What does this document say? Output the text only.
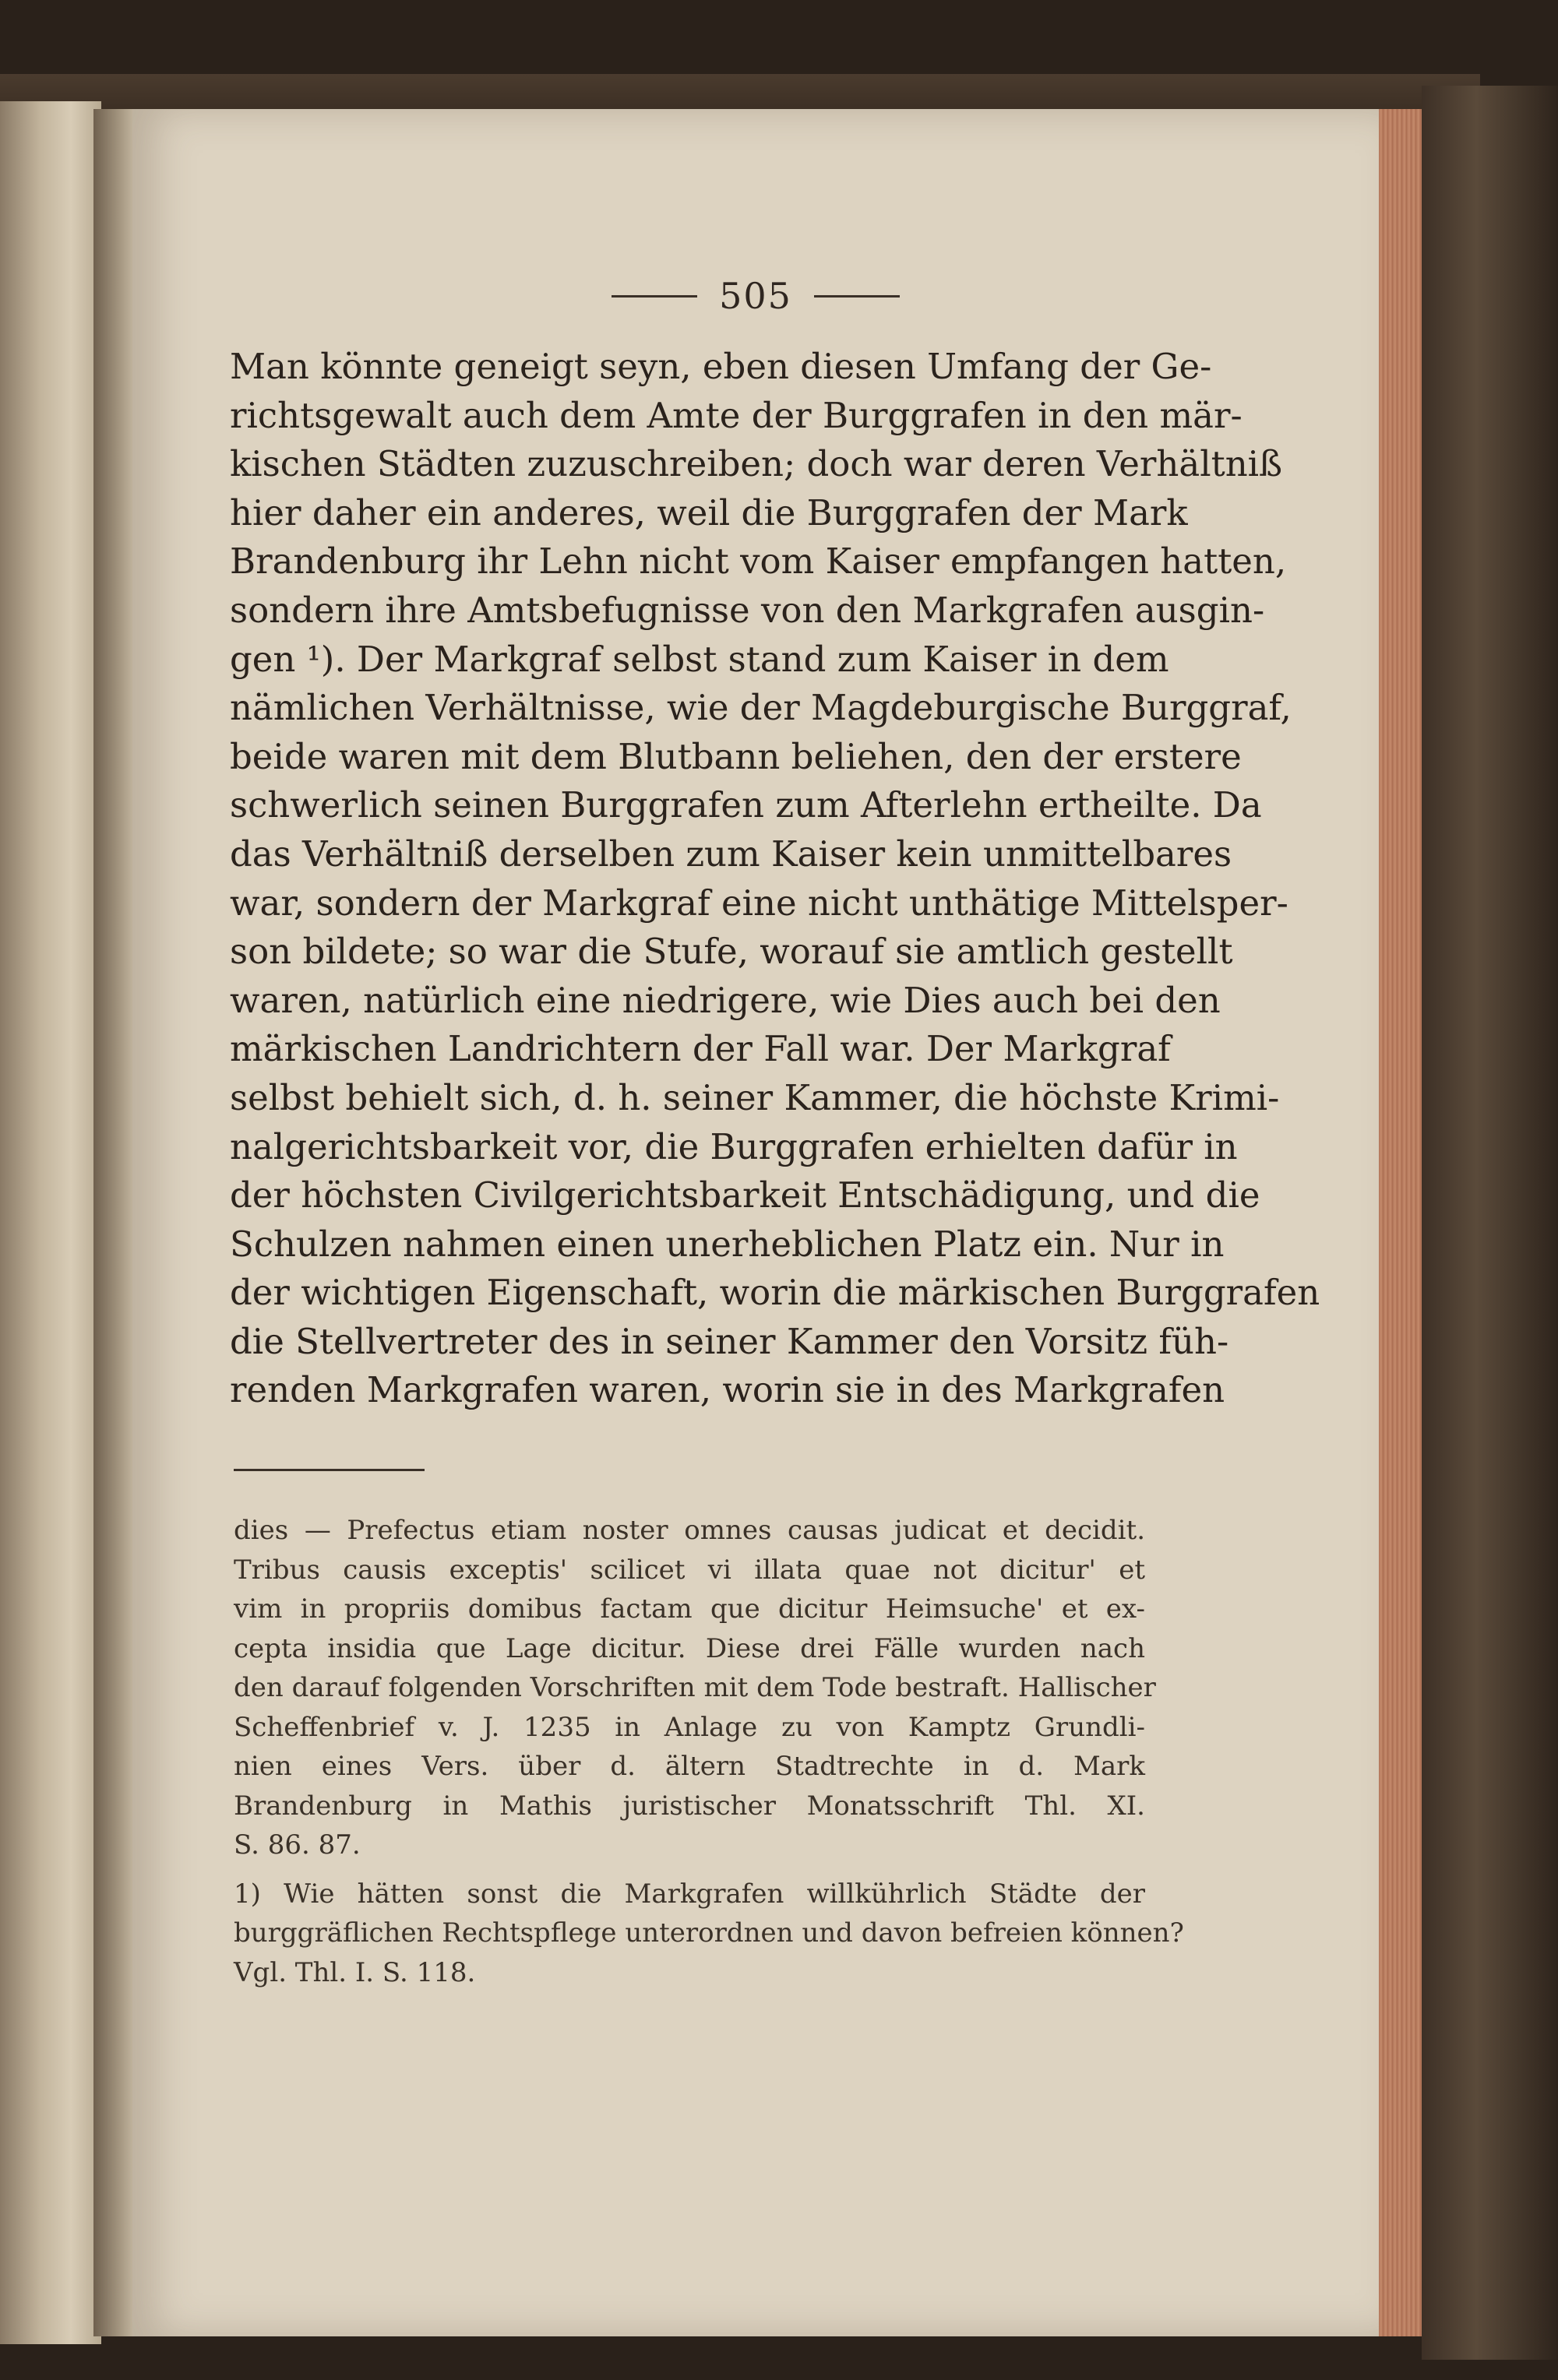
505
Man könnte geneigt seyn, eben diesen Umfang der Ge-
richtsgewalt auch dem Amte der Burggrafen in den mär-
kischen Städten zuzuschreiben; doch war deren Verhältniß
hier daher ein anderes, weil die Burggrafen der Mark
Brandenburg ihr Lehn nicht vom Kaiser empfangen hatten,
sondern ihre Amtsbefugnisse von den Markgrafen ausgin-
gen ¹). Der Markgraf selbst stand zum Kaiser in dem
nämlichen Verhältnisse, wie der Magdeburgische Burggraf,
beide waren mit dem Blutbann beliehen, den der erstere
schwerlich seinen Burggrafen zum Afterlehn ertheilte. Da
das Verhältniß derselben zum Kaiser kein unmittelbares
war, sondern der Markgraf eine nicht unthätige Mittelsper-
son bildete; so war die Stufe, worauf sie amtlich gestellt
waren, natürlich eine niedrigere, wie Dies auch bei den
märkischen Landrichtern der Fall war. Der Markgraf
selbst behielt sich, d. h. seiner Kammer, die höchste Krimi-
nalgerichtsbarkeit vor, die Burggrafen erhielten dafür in
der höchsten Civilgerichtsbarkeit Entschädigung, und die
Schulzen nahmen einen unerheblichen Platz ein. Nur in
der wichtigen Eigenschaft, worin die märkischen Burggrafen
die Stellvertreter des in seiner Kammer den Vorsitz füh-
renden Markgrafen waren, worin sie in des Markgrafen
dies — Prefectus etiam noster omnes causas judicat et decidit.
Tribus causis exceptis' scilicet vi illata quae not dicitur' et
vim in propriis domibus factam que dicitur Heimsuche' et ex-
cepta insidia que Lage dicitur. Diese drei Fälle wurden nach
den darauf folgenden Vorschriften mit dem Tode bestraft. Hallischer
Scheffenbrief v. J. 1235 in Anlage zu von Kamptz Grundli-
nien eines Vers. über d. ältern Stadtrechte in d. Mark
Brandenburg in Mathis juristischer Monatsschrift Thl. XI.
S. 86. 87.
1) Wie hätten sonst die Markgrafen willkührlich Städte der
burggräflichen Rechtspflege unterordnen und davon befreien können?
Vgl. Thl. I. S. 118.
